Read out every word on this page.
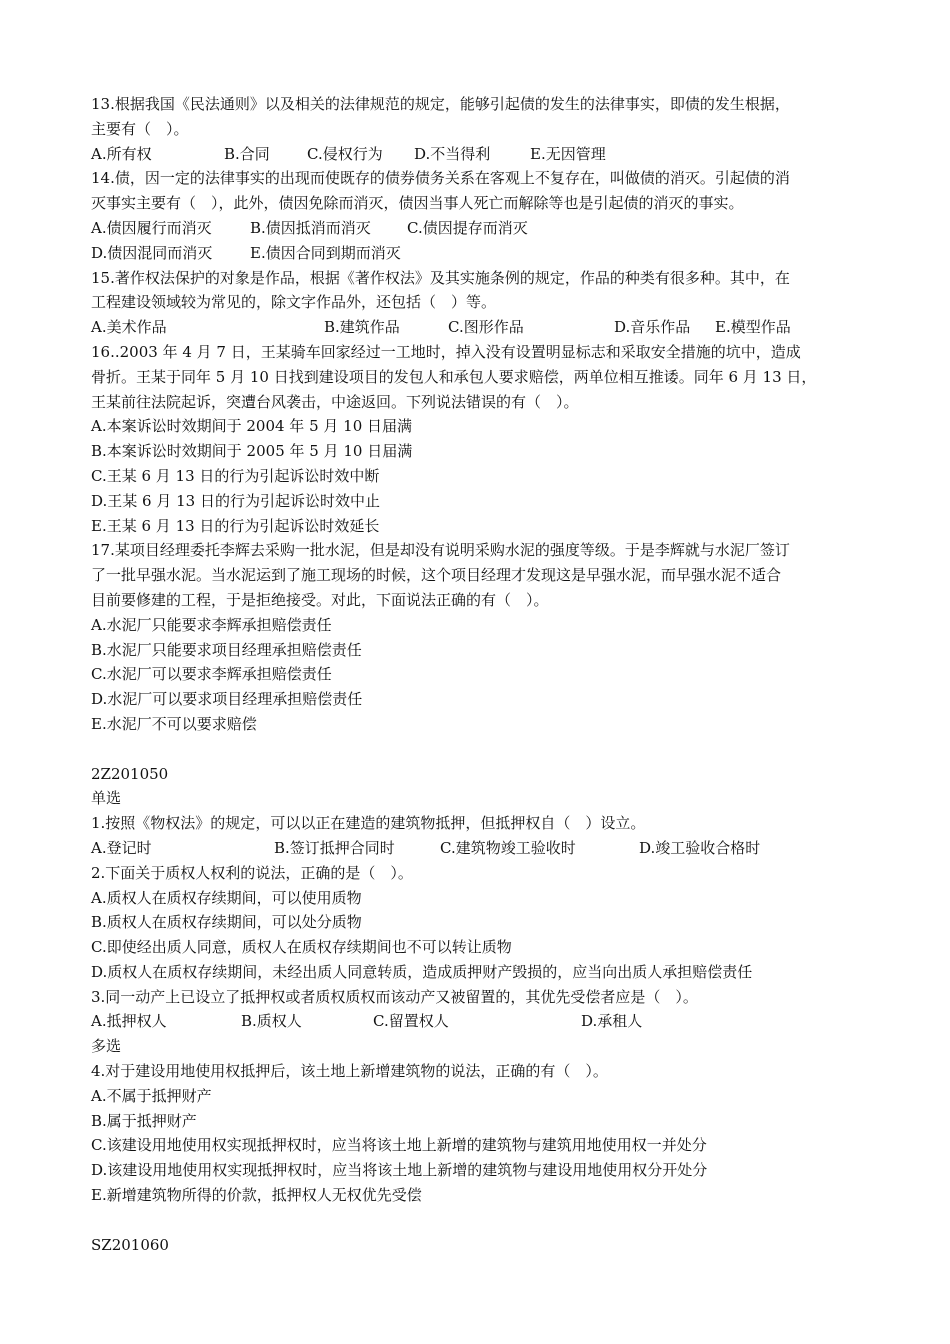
13.根据我国《民法通则》以及相关的法律规范的规定，能够引起债的发生的法律事实，即债的发生根据，
主要有（　）。
A.所有权	B.合同 C.侵权行为 D.不当得利	E.无因管理
14.债，因一定的法律事实的出现而使既存的债券债务关系在客观上不复存在，叫做债的消灭。引起债的消
灭事实主要有（　），此外，债因免除而消灭，债因当事人死亡而解除等也是引起债的消灭的事实。
A.债因履行而消灭	B.债因抵消而消灭 C.债因提存而消灭
D.债因混同而消灭	E.债因合同到期而消灭
15.著作权法保护的对象是作品，根据《著作权法》及其实施条例的规定，作品的种类有很多种。其中，在
工程建设领域较为常见的，除文字作品外，还包括（　）等。
A.美术作品	B.建筑作品	C.图形作品	D.音乐作品 E.模型作品
16..2003 年 4 月 7 日，王某骑车回家经过一工地时，掉入没有设置明显标志和采取安全措施的坑中，造成
骨折。王某于同年 5 月 10 日找到建设项目的发包人和承包人要求赔偿，两单位相互推诿。同年 6 月 13 日，
王某前往法院起诉，突遭台风袭击，中途返回。下列说法错误的有（　）。
A.本案诉讼时效期间于 2004 年 5 月 10 日届满
B.本案诉讼时效期间于 2005 年 5 月 10 日届满
C.王某 6 月 13 日的行为引起诉讼时效中断
D.王某 6 月 13 日的行为引起诉讼时效中止
E.王某 6 月 13 日的行为引起诉讼时效延长
17.某项目经理委托李辉去采购一批水泥，但是却没有说明采购水泥的强度等级。于是李辉就与水泥厂签订
了一批早强水泥。当水泥运到了施工现场的时候，这个项目经理才发现这是早强水泥，而早强水泥不适合
目前要修建的工程，于是拒绝接受。对此，下面说法正确的有（　）。
A.水泥厂只能要求李辉承担赔偿责任
B.水泥厂只能要求项目经理承担赔偿责任
C.水泥厂可以要求李辉承担赔偿责任
D.水泥厂可以要求项目经理承担赔偿责任
E.水泥厂不可以要求赔偿
2Z201050
单选
1.按照《物权法》的规定，可以以正在建造的建筑物抵押，但抵押权自（　）设立。
A.登记时	B.签订抵押合同时	C.建筑物竣工验收时	D.竣工验收合格时
2.下面关于质权人权利的说法，正确的是（　）。
A.质权人在质权存续期间，可以使用质物
B.质权人在质权存续期间，可以处分质物
C.即使经出质人同意，质权人在质权存续期间也不可以转让质物
D.质权人在质权存续期间，未经出质人同意转质，造成质押财产毁损的，应当向出质人承担赔偿责任
3.同一动产上已设立了抵押权或者质权质权而该动产又被留置的，其优先受偿者应是（　）。
A.抵押权人	B.质权人	C.留置权人	D.承租人
多选
4.对于建设用地使用权抵押后，该土地上新增建筑物的说法，正确的有（　）。
A.不属于抵押财产
B.属于抵押财产
C.该建设用地使用权实现抵押权时，应当将该土地上新增的建筑物与建筑用地使用权一并处分
D.该建设用地使用权实现抵押权时，应当将该土地上新增的建筑物与建设用地使用权分开处分
E.新增建筑物所得的价款，抵押权人无权优先受偿
SZ201060
